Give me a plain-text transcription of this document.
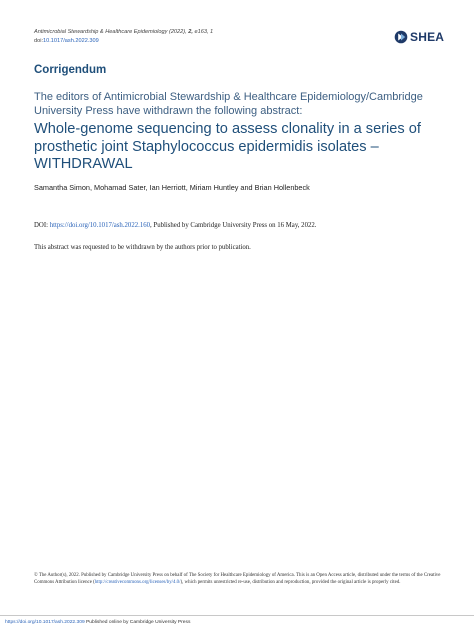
Antimicrobial Stewardship & Healthcare Epidemiology (2022), 2, e163, 1
doi:10.1017/ash.2022.309	SHEA
Corrigendum
The editors of Antimicrobial Stewardship & Healthcare Epidemiology/Cambridge University Press have withdrawn the following abstract:
Whole-genome sequencing to assess clonality in a series of prosthetic joint Staphylococcus epidermidis isolates – WITHDRAWAL
Samantha Simon, Mohamad Sater, Ian Herriott, Miriam Huntley and Brian Hollenbeck
DOI: https://doi.org/10.1017/ash.2022.160, Published by Cambridge University Press on 16 May, 2022.
This abstract was requested to be withdrawn by the authors prior to publication.
© The Author(s), 2022. Published by Cambridge University Press on behalf of The Society for Healthcare Epidemiology of America. This is an Open Access article, distributed under the terms of the Creative Commons Attribution licence (http://creativecommons.org/licenses/by/4.0/), which permits unrestricted re-use, distribution and reproduction, provided the original article is properly cited.
https://doi.org/10.1017/ash.2022.309 Published online by Cambridge University Press
